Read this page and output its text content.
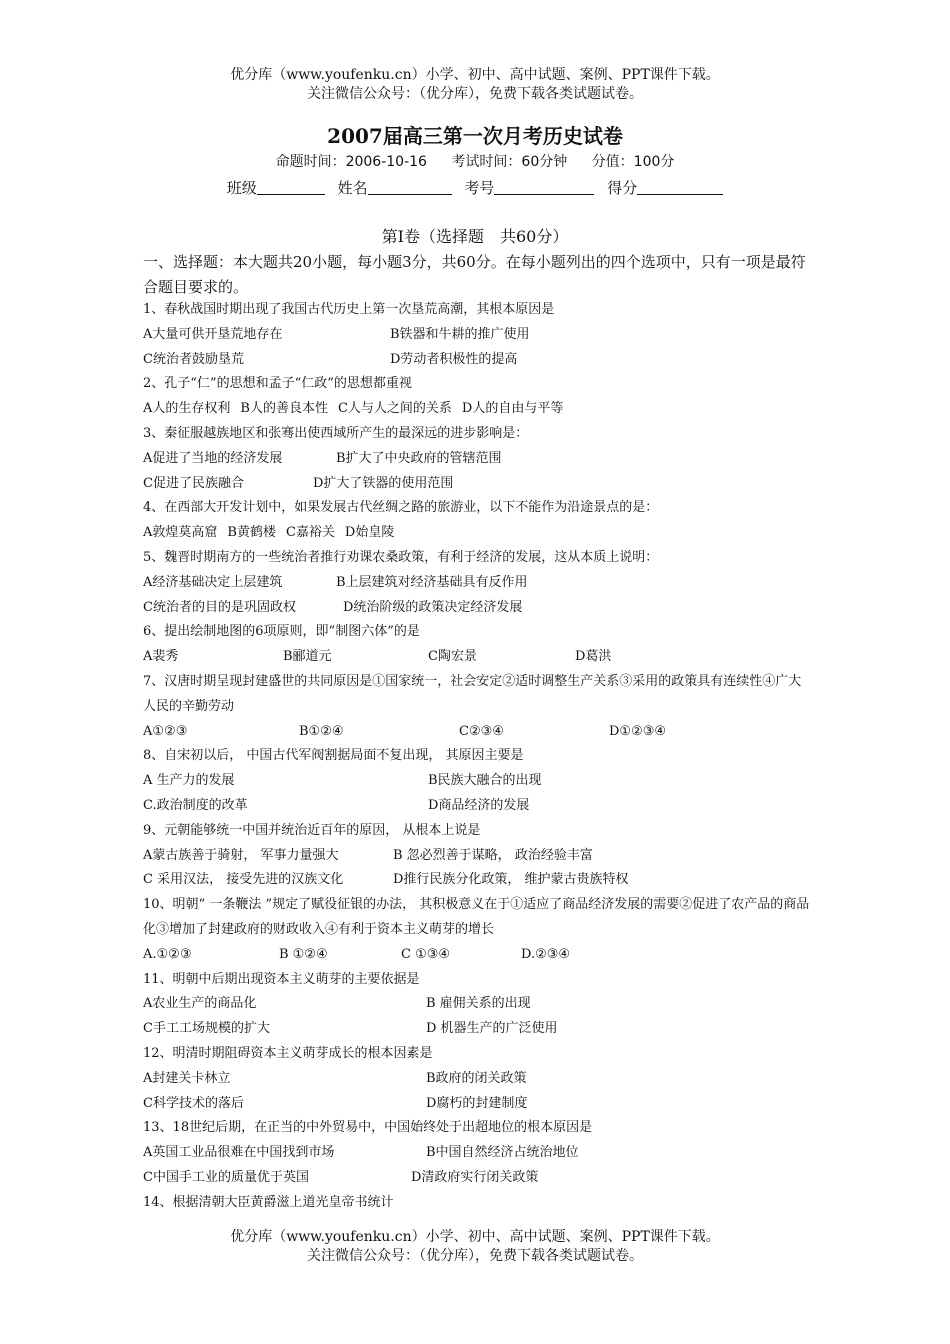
优分库（www.youfenku.cn）小学、初中、高中试题、案例、PPT课件下载。
关注微信公众号：（优分库），免费下载各类试题试卷。
2007届高三第一次月考历史试卷
命题时间：2006-10-16 考试时间：60分钟 分值：100分
班级	姓名	考号	得分
第Ⅰ卷（选择题　共60分）
一、选择题：本大题共20小题，每小题3分，共60分。在每小题列出的四个选项中，只有一项是最符合题目要求的。
1、春秋战国时期出现了我国古代历史上第一次垦荒高潮，其根本原因是
A大量可供开垦荒地存在	B铁器和牛耕的推广使用
C统治者鼓励垦荒	D劳动者积极性的提高
2、孔子“仁”的思想和孟子“仁政”的思想都重视
A人的生存权利 B人的善良本性 C人与人之间的关系 D人的自由与平等
3、秦征服越族地区和张骞出使西域所产生的最深远的进步影响是：
A促进了当地的经济发展	B扩大了中央政府的管辖范围
C促进了民族融合	D扩大了铁器的使用范围
4、在西部大开发计划中，如果发展古代丝绸之路的旅游业，以下不能作为沿途景点的是：
A敦煌莫高窟 B黄鹤楼 C嘉裕关 D始皇陵
5、魏晋时期南方的一些统治者推行劝课农桑政策，有利于经济的发展，这从本质上说明：
A经济基础决定上层建筑	B上层建筑对经济基础具有反作用
C统治者的目的是巩固政权	D统治阶级的政策决定经济发展
6、提出绘制地图的6项原则，即“制图六体”的是
A裴秀	B郦道元	C陶宏景	D葛洪
7、汉唐时期呈现封建盛世的共同原因是①国家统一，社会安定②适时调整生产关系③采用的政策具有连续性④广大人民的辛勤劳动
A①②③	B①②④	C②③④	D①②③④
8、自宋初以后， 中国古代军阀割据局面不复出现， 其原因主要是
A 生产力的发展	B民族大融合的出现
C.政治制度的改革	D商品经济的发展
9、元朝能够统一中国并统治近百年的原因， 从根本上说是
A蒙古族善于骑射， 军事力量强大	B 忽必烈善于谋略， 政治经验丰富
C 采用汉法， 接受先进的汉族文化	D推行民族分化政策， 维护蒙古贵族特权
10、明朝“ 一条鞭法 ”规定了赋役征银的办法， 其积极意义在于①适应了商品经济发展的需要②促进了农产品的商品化③增加了封建政府的财政收入④有利于资本主义萌芽的增长
A.①②③	B ①②④	C ①③④	D.②③④
11、明朝中后期出现资本主义萌芽的主要依据是
A农业生产的商品化	B 雇佣关系的出现
C手工工场规模的扩大	D 机器生产的广泛使用
12、明清时期阻碍资本主义萌芽成长的根本因素是
A封建关卡林立	B政府的闭关政策
C科学技术的落后	D腐朽的封建制度
13、18世纪后期，在正当的中外贸易中，中国始终处于出超地位的根本原因是
A英国工业品很难在中国找到市场	B中国自然经济占统治地位
C中国手工业的质量优于英国	D清政府实行闭关政策
14、根据清朝大臣黄爵滋上道光皇帝书统计
优分库（www.youfenku.cn）小学、初中、高中试题、案例、PPT课件下载。
关注微信公众号：（优分库），免费下载各类试题试卷。
